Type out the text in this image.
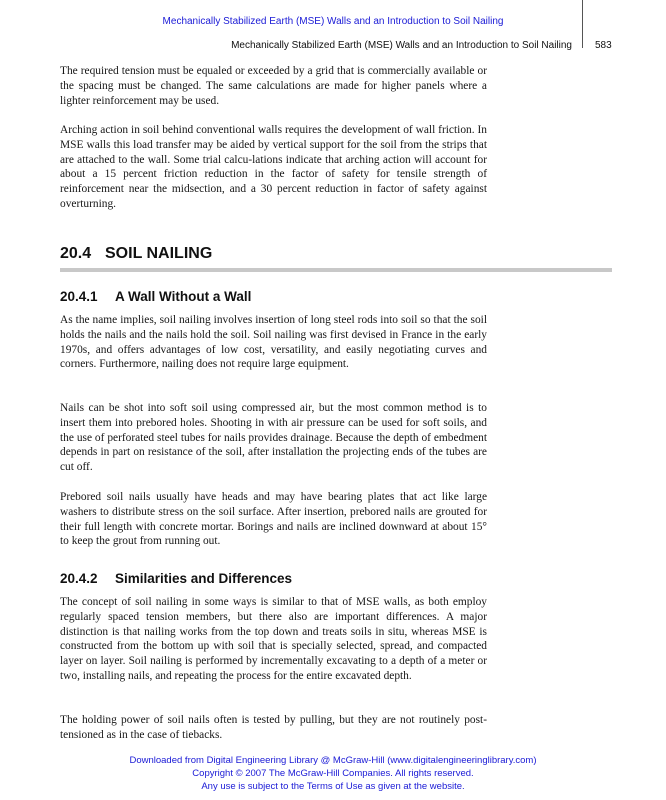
Mechanically Stabilized Earth (MSE) Walls and an Introduction to Soil Nailing
Mechanically Stabilized Earth (MSE) Walls and an Introduction to Soil Nailing 583

The required tension must be equaled or exceeded by a grid that is commercially available or the spacing must be changed. The same calculations are made for higher panels where a lighter reinforcement may be used.

Arching action in soil behind conventional walls requires the development of wall friction. In MSE walls this load transfer may be aided by vertical support for the soil from the strips that are attached to the wall. Some trial calcu-lations indicate that arching action will account for about a 15 percent friction reduction in the factor of safety for tensile strength of reinforcement near the midsection, and a 30 percent reduction in factor of safety against overturning.

20.4 SOIL NAILING
20.4.1 A Wall Without a Wall

As the name implies, soil nailing involves insertion of long steel rods into soil so that the soil holds the nails and the nails hold the soil. Soil nailing was first devised in France in the early 1970s, and offers advantages of low cost, versatility, and easily negotiating curves and corners. Furthermore, nailing does not require large equipment.

Nails can be shot into soft soil using compressed air, but the most common method is to insert them into prebored holes. Shooting in with air pressure can be used for soft soils, and the use of perforated steel tubes for nails provides drainage. Because the depth of embedment depends in part on resistance of the soil, after installation the projecting ends of the tubes are cut off.

Prebored soil nails usually have heads and may have bearing plates that act like large washers to distribute stress on the soil surface. After insertion, prebored nails are grouted for their full length with concrete mortar. Borings and nails are inclined downward at about 15° to keep the grout from running out.

20.4.2 Similarities and Differences

The concept of soil nailing in some ways is similar to that of MSE walls, as both employ regularly spaced tension members, but there also are important differences. A major distinction is that nailing works from the top down and treats soils in situ, whereas MSE is constructed from the bottom up with soil that is specially selected, spread, and compacted layer on layer. Soil nailing is performed by incrementally excavating to a depth of a meter or two, installing nails, and repeating the process for the entire excavated depth.

The holding power of soil nails often is tested by pulling, but they are not routinely post-tensioned as in the case of tiebacks.

Downloaded from Digital Engineering Library @ McGraw-Hill (www.digitalengineeringlibrary.com)
Copyright © 2007 The McGraw-Hill Companies. All rights reserved.
Any use is subject to the Terms of Use as given at the website.
